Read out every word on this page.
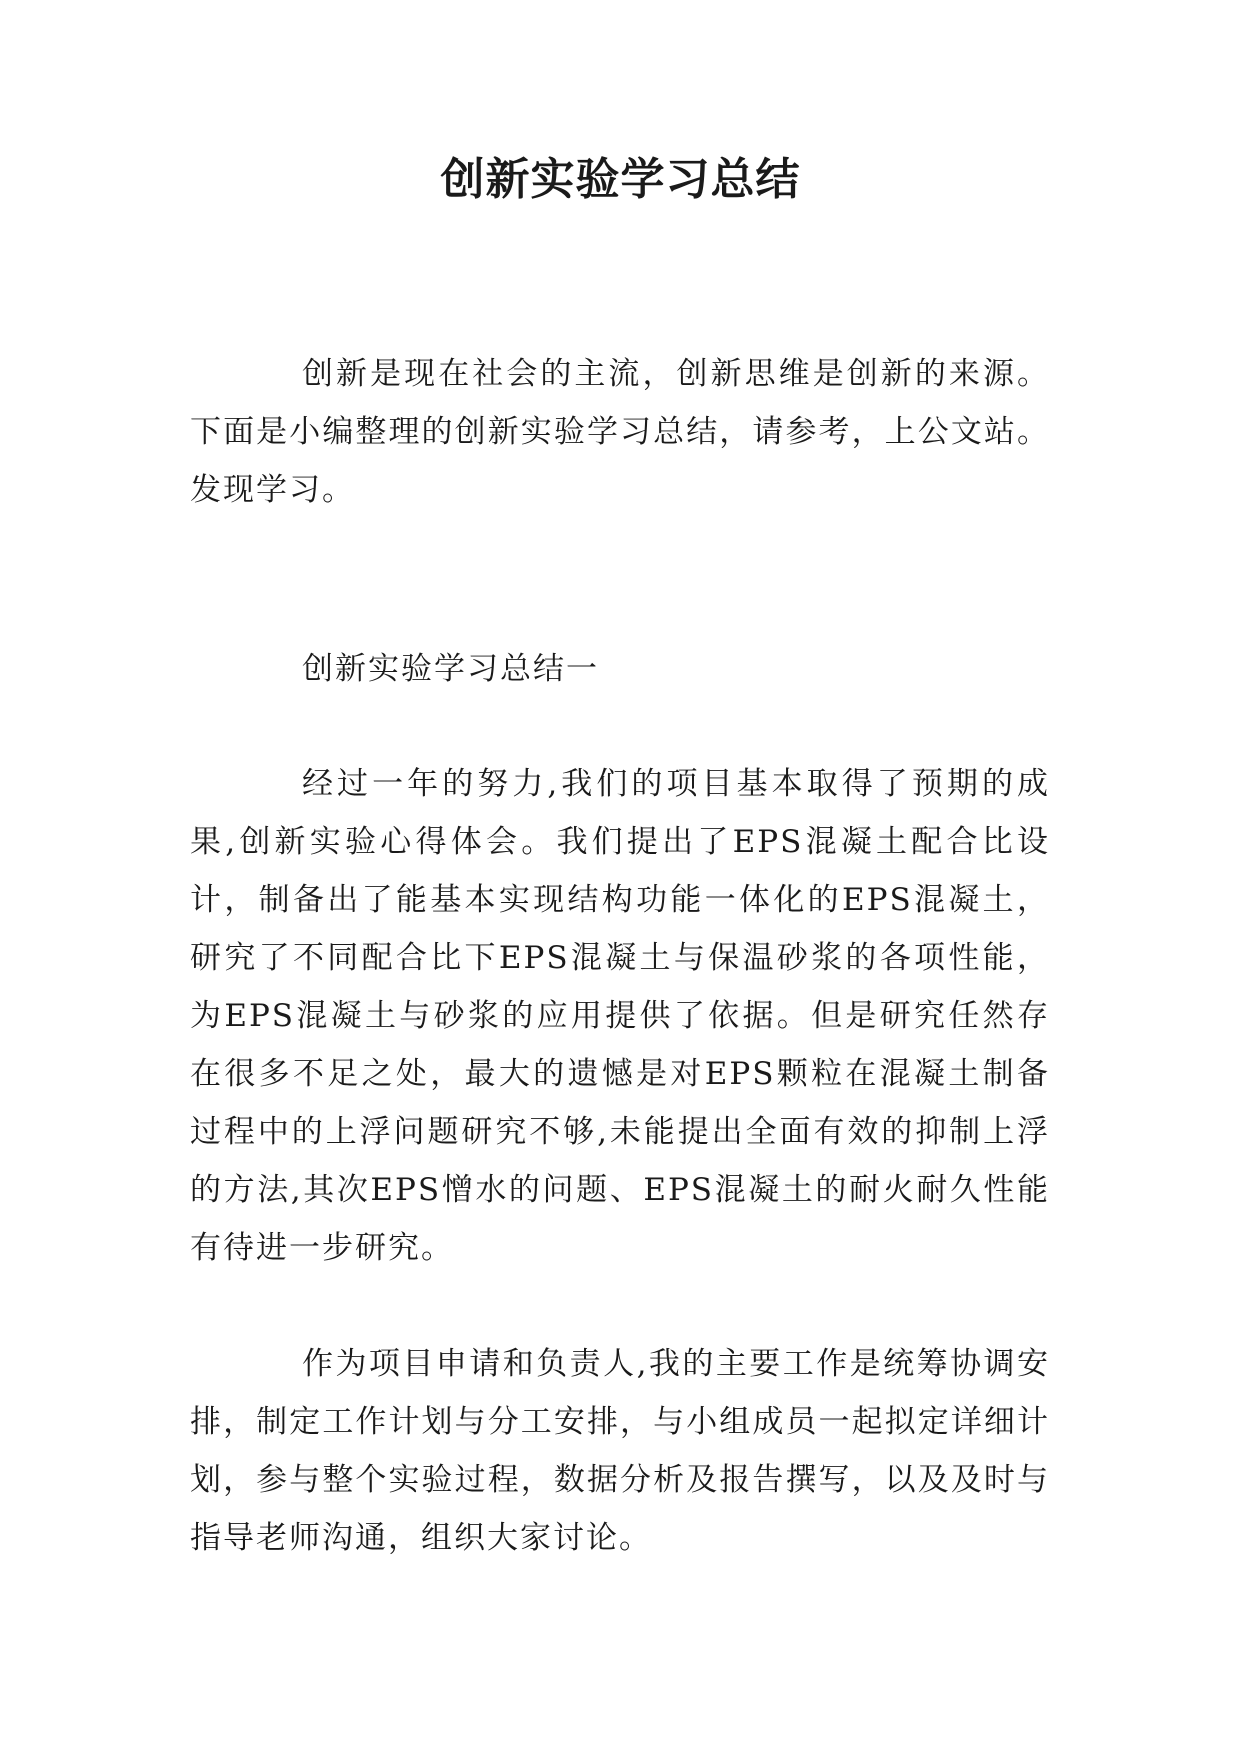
创新实验学习总结

创新是现在社会的主流，创新思维是创新的来源。下面是小编整理的创新实验学习总结，请参考，上公文站。发现学习。

创新实验学习总结一

经过一年的努力,我们的项目基本取得了预期的成果,创新实验心得体会。我们提出了EPS混凝土配合比设计，制备出了能基本实现结构功能一体化的EPS混凝土，研究了不同配合比下EPS混凝土与保温砂浆的各项性能，为EPS混凝土与砂浆的应用提供了依据。但是研究任然存在很多不足之处，最大的遗憾是对EPS颗粒在混凝土制备过程中的上浮问题研究不够,未能提出全面有效的抑制上浮的方法,其次EPS憎水的问题、EPS混凝土的耐火耐久性能有待进一步研究。

作为项目申请和负责人,我的主要工作是统筹协调安排，制定工作计划与分工安排，与小组成员一起拟定详细计划，参与整个实验过程，数据分析及报告撰写，以及及时与指导老师沟通，组织大家讨论。
